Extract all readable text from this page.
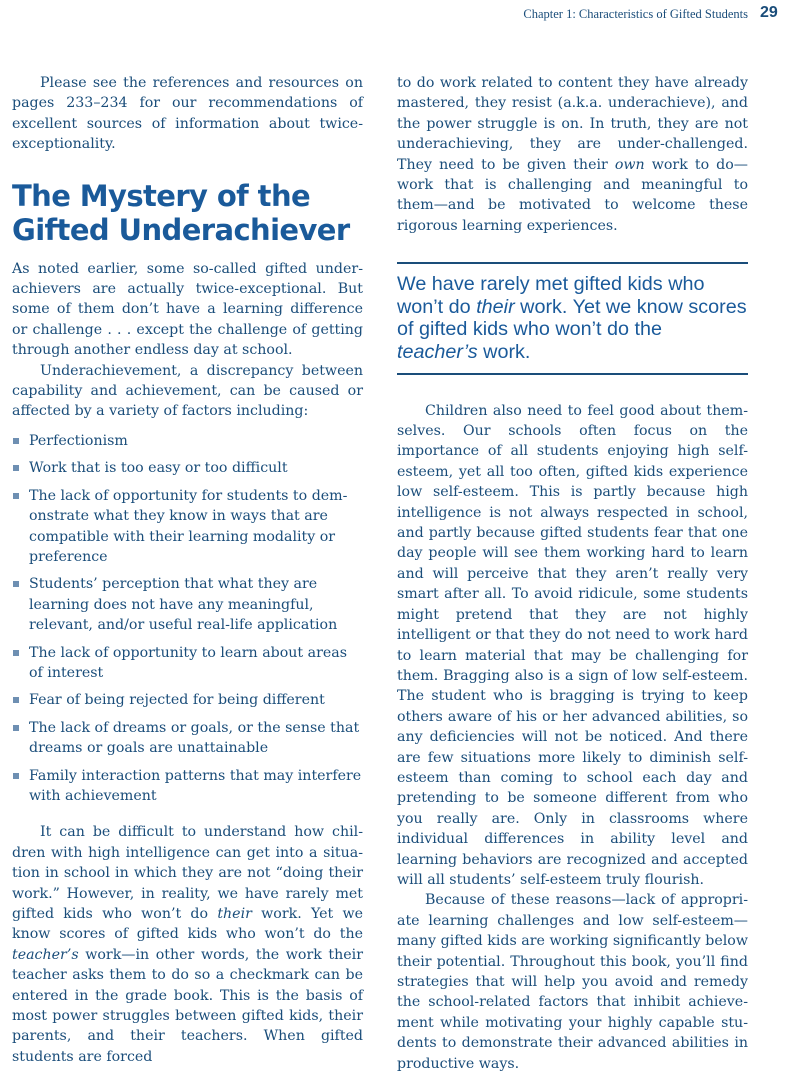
Chapter 1: Characteristics of Gifted Students 29

Please see the references and resources on pages 233–234 for our recommendations of excellent sources of information about twice-exceptionality.

The Mystery of the Gifted Underachiever

As noted earlier, some so-called gifted underachievers are actually twice-exceptional. But some of them don’t have a learning difference or challenge . . . except the challenge of getting through another endless day at school.

Underachievement, a discrepancy between capability and achievement, can be caused or affected by a variety of factors including:

Perfectionism
Work that is too easy or too difficult
The lack of opportunity for students to demonstrate what they know in ways that are compatible with their learning modality or preference
Students’ perception that what they are learning does not have any meaningful, relevant, and/or useful real-life application
The lack of opportunity to learn about areas of interest
Fear of being rejected for being different
The lack of dreams or goals, or the sense that dreams or goals are unattainable
Family interaction patterns that may interfere with achievement

It can be difficult to understand how children with high intelligence can get into a situation in school in which they are not “doing their work.” However, in reality, we have rarely met gifted kids who won’t do their work. Yet we know scores of gifted kids who won’t do the teacher’s work—in other words, the work their teacher asks them to do so a checkmark can be entered in the grade book. This is the basis of most power struggles between gifted kids, their parents, and their teachers. When gifted students are forced

to do work related to content they have already mastered, they resist (a.k.a. underachieve), and the power struggle is on. In truth, they are not underachieving, they are under-challenged. They need to be given their own work to do—work that is challenging and meaningful to them—and be motivated to welcome these rigorous learning experiences.

We have rarely met gifted kids who won’t do their work. Yet we know scores of gifted kids who won’t do the teacher’s work.

Children also need to feel good about themselves. Our schools often focus on the importance of all students enjoying high self-esteem, yet all too often, gifted kids experience low self-esteem. This is partly because high intelligence is not always respected in school, and partly because gifted students fear that one day people will see them working hard to learn and will perceive that they aren’t really very smart after all. To avoid ridicule, some students might pretend that they are not highly intelligent or that they do not need to work hard to learn material that may be challenging for them. Bragging also is a sign of low self-esteem. The student who is bragging is trying to keep others aware of his or her advanced abilities, so any deficiencies will not be noticed. And there are few situations more likely to diminish self-esteem than coming to school each day and pretending to be someone different from who you really are. Only in classrooms where individual differences in ability level and learning behaviors are recognized and accepted will all students’ self-esteem truly flourish.

Because of these reasons—lack of appropriate learning challenges and low self-esteem—many gifted kids are working significantly below their potential. Throughout this book, you’ll find strategies that will help you avoid and remedy the school-related factors that inhibit achievement while motivating your highly capable students to demonstrate their advanced abilities in productive ways.
